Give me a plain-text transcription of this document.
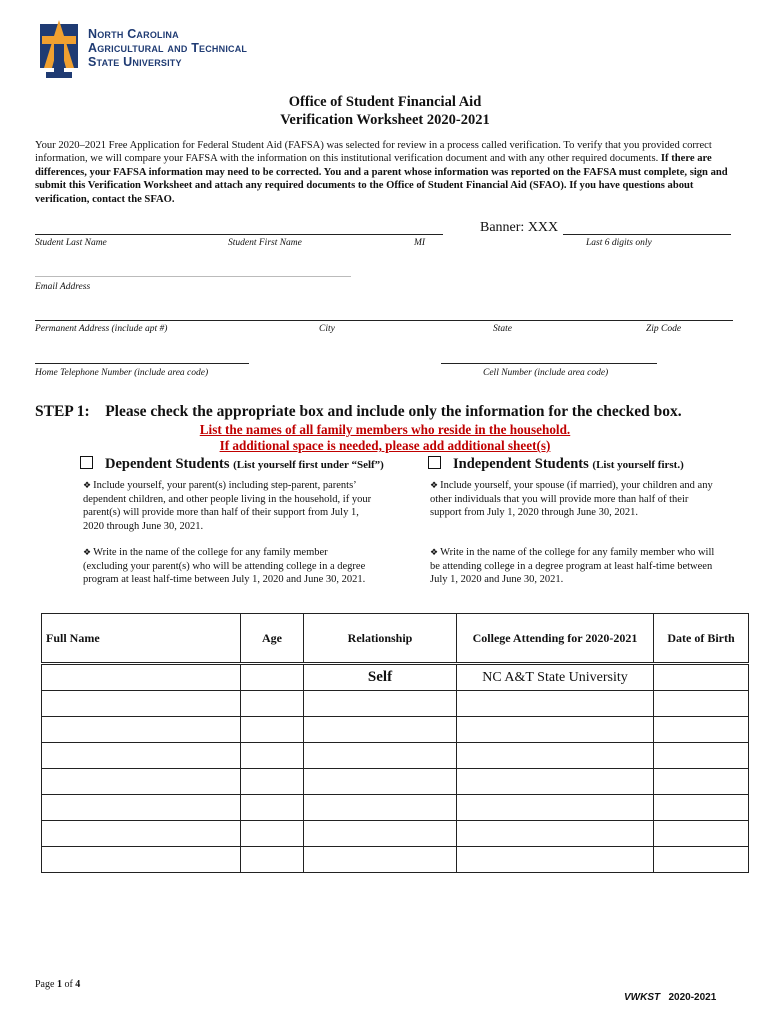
North Carolina
Agricultural and Technical
State University
Office of Student Financial Aid
Verification Worksheet 2020-2021
Your 2020–2021 Free Application for Federal Student Aid (FAFSA) was selected for review in a process called verification. To verify that you provided correct information, we will compare your FAFSA with the information on this institutional verification document and with any other required documents. If there are differences, your FAFSA information may need to be corrected. You and a parent whose information was reported on the FAFSA must complete, sign and submit this Verification Worksheet and attach any required documents to the Office of Student Financial Aid (SFAO). If you have questions about verification, contact the SFAO.
Banner: XXX
Student Last Name	Student First Name	MI	Last 6 digits only
Email Address
Permanent Address (include apt #)	City	State	Zip Code
Home Telephone Number (include area code)	Cell Number (include area code)
STEP 1:    Please check the appropriate box and include only the information for the checked box.
List the names of all family members who reside in the household.
If additional space is needed, please add additional sheet(s)
Dependent Students (List yourself first under “Self”)	Independent Students (List yourself first.)
❖ Include yourself, your parent(s) including step-parent, parents’ dependent children, and other people living in the household, if your parent(s) will provide more than half of their support from July 1, 2020 through June 30, 2021.
❖ Write in the name of the college for any family member (excluding your parent(s) who will be attending college in a degree program at least half-time between July 1, 2020 and June 30, 2021.
❖ Include yourself, your spouse (if married), your children and any other individuals that you will provide more than half of their support from July 1, 2020 through June 30, 2021.
❖ Write in the name of the college for any family member who will be attending college in a degree program at least half-time between July 1, 2020 and June 30, 2021.
Full Name	Age	Relationship	College Attending for 2020-2021	Date of Birth
		Self	NC A&T State University	

Page 1 of 4
VWKST 2020-2021
